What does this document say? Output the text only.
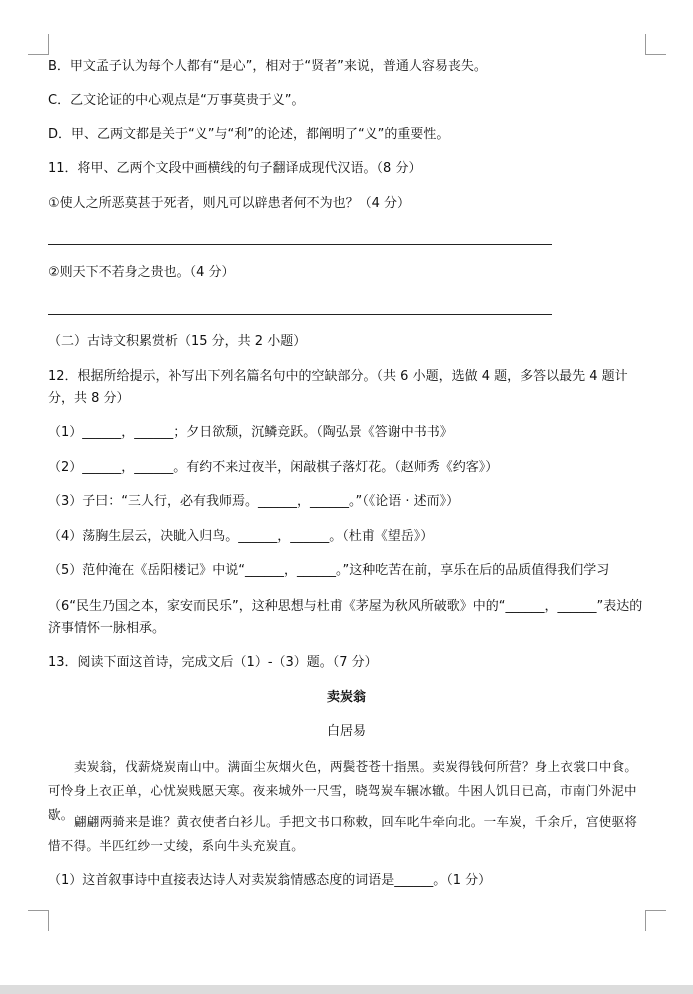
B．甲文孟子认为每个人都有“是心”，相对于“贤者”来说，普通人容易丧失。
C．乙文论证的中心观点是“万事莫贵于义”。
D．甲、乙两文都是关于“义”与“利”的论述，都阐明了“义”的重要性。
11．将甲、乙两个文段中画横线的句子翻译成现代汉语。（8 分）
①使人之所恶莫甚于死者，则凡可以辟患者何不为也？（4 分）
②则天下不若身之贵也。（4 分）
（二）古诗文积累赏析（15 分，共 2 小题）
12．根据所给提示，补写出下列名篇名句中的空缺部分。（共 6 小题，选做 4 题，多答以最先 4 题计分，共 8 分）
（1）______，______；夕日欲颓，沉鳞竞跃。（陶弘景《答谢中书书》
（2）______，______。有约不来过夜半，闲敲棋子落灯花。（赵师秀《约客》）
（3）子曰：“三人行，必有我师焉。______，______。”（《论语 · 述而》）
（4）荡胸生层云，决眦入归鸟。______，______。（杜甫《望岳》）
（5）范仲淹在《岳阳楼记》中说“______，______。”这种吃苦在前，享乐在后的品质值得我们学习
（6“民生乃国之本，家安而民乐”，这种思想与杜甫《茅屋为秋风所破歌》中的“______，______”表达的济事情怀一脉相承。
13．阅读下面这首诗，完成文后（1）-（3）题。（7 分）
卖炭翁
白居易
卖炭翁，伐薪烧炭南山中。满面尘灰烟火色，两鬓苍苍十指黑。卖炭得钱何所营？身上衣裳口中食。可怜身上衣正单，心忧炭贱愿天寒。夜来城外一尺雪，晓驾炭车辗冰辙。牛困人饥日已高，市南门外泥中歇。 翩翩两骑来是谁？黄衣使者白衫儿。手把文书口称敕，回车叱牛牵向北。一车炭，千余斤，宫使驱将惜不得。半匹红纱一丈绫，系向牛头充炭直。
（1）这首叙事诗中直接表达诗人对卖炭翁情感态度的词语是______。（1 分）
